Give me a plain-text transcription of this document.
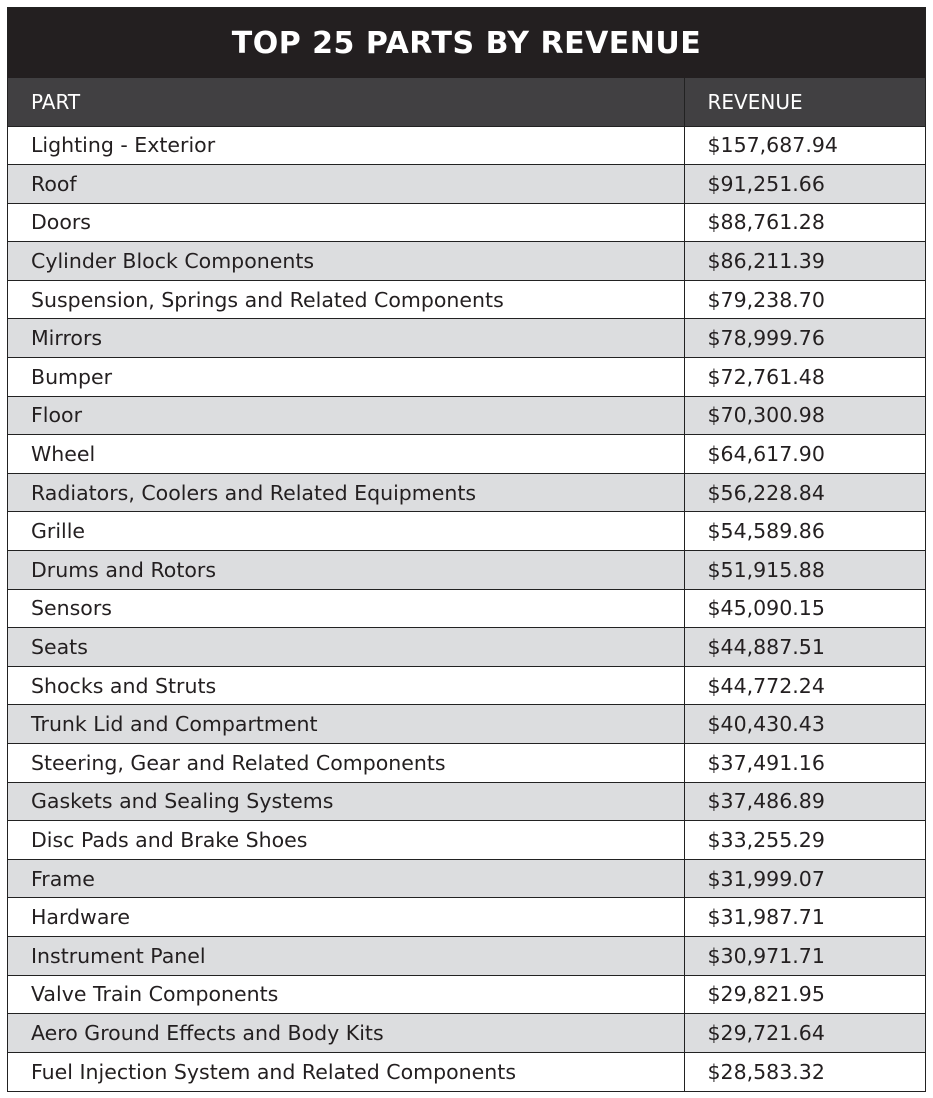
TOP 25 PARTS BY REVENUE
PART	REVENUE
Lighting - Exterior	$157,687.94
Roof	$91,251.66
Doors	$88,761.28
Cylinder Block Components	$86,211.39
Suspension, Springs and Related Components	$79,238.70
Mirrors	$78,999.76
Bumper	$72,761.48
Floor	$70,300.98
Wheel	$64,617.90
Radiators, Coolers and Related Equipments	$56,228.84
Grille	$54,589.86
Drums and Rotors	$51,915.88
Sensors	$45,090.15
Seats	$44,887.51
Shocks and Struts	$44,772.24
Trunk Lid and Compartment	$40,430.43
Steering, Gear and Related Components	$37,491.16
Gaskets and Sealing Systems	$37,486.89
Disc Pads and Brake Shoes	$33,255.29
Frame	$31,999.07
Hardware	$31,987.71
Instrument Panel	$30,971.71
Valve Train Components	$29,821.95
Aero Ground Effects and Body Kits	$29,721.64
Fuel Injection System and Related Components	$28,583.32
